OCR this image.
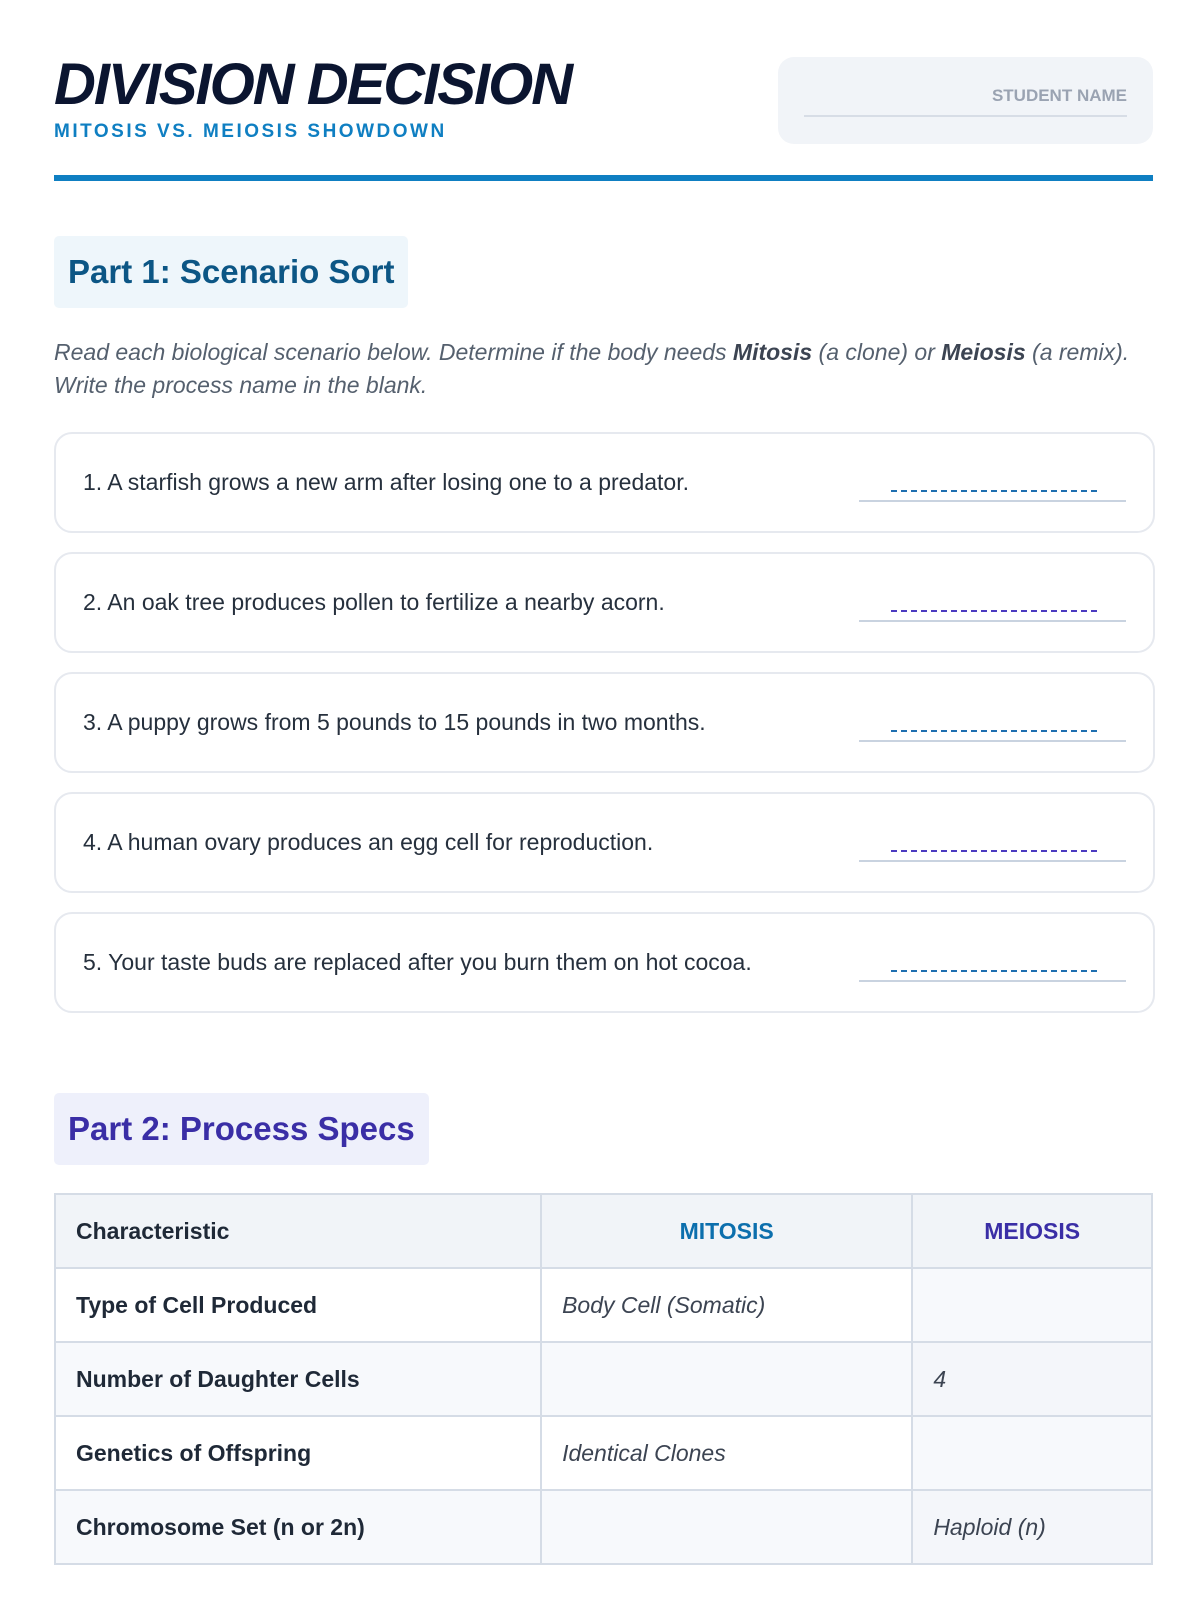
DIVISION DECISION
MITOSIS VS. MEIOSIS SHOWDOWN
STUDENT NAME
Part 1: Scenario Sort
Read each biological scenario below. Determine if the body needs Mitosis (a clone) or Meiosis (a remix). Write the process name in the blank.
1. A starfish grows a new arm after losing one to a predator.
2. An oak tree produces pollen to fertilize a nearby acorn.
3. A puppy grows from 5 pounds to 15 pounds in two months.
4. A human ovary produces an egg cell for reproduction.
5. Your taste buds are replaced after you burn them on hot cocoa.
Part 2: Process Specs
Characteristic	MITOSIS	MEIOSIS
Type of Cell Produced	Body Cell (Somatic)	
Number of Daughter Cells		4
Genetics of Offspring	Identical Clones	
Chromosome Set (n or 2n)		Haploid (n)
